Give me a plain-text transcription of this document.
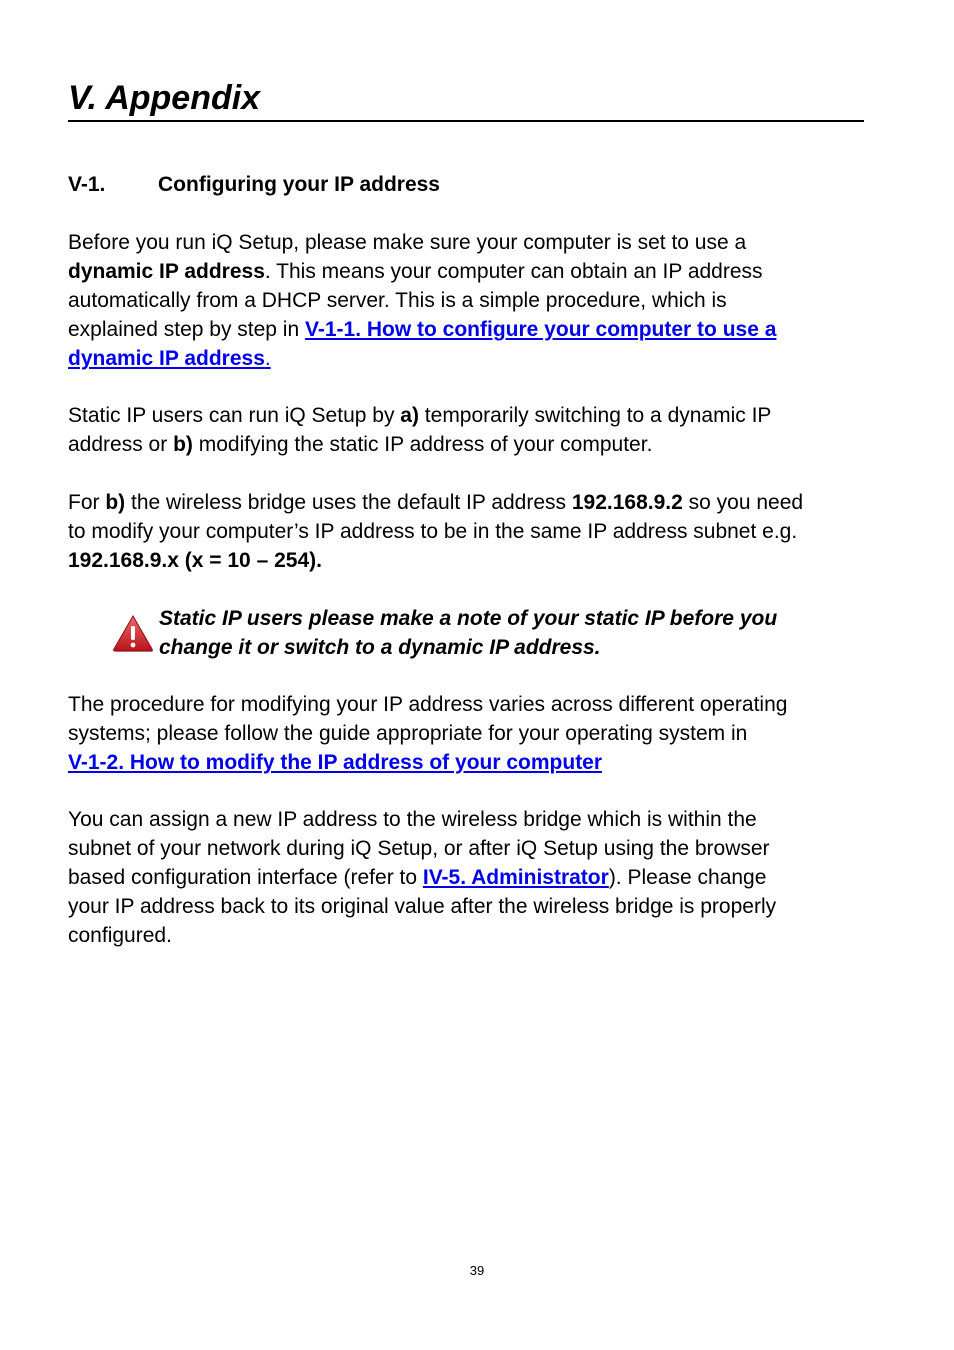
V. Appendix
V-1.	Configuring your IP address
Before you run iQ Setup, please make sure your computer is set to use a
dynamic IP address. This means your computer can obtain an IP address
automatically from a DHCP server. This is a simple procedure, which is
explained step by step in V-1-1. How to configure your computer to use a
dynamic IP address.
Static IP users can run iQ Setup by a) temporarily switching to a dynamic IP
address or b) modifying the static IP address of your computer.
For b) the wireless bridge uses the default IP address 192.168.9.2 so you need
to modify your computer’s IP address to be in the same IP address subnet e.g.
192.168.9.x (x = 10 – 254).
Static IP users please make a note of your static IP before you
change it or switch to a dynamic IP address.
The procedure for modifying your IP address varies across different operating
systems; please follow the guide appropriate for your operating system in
V-1-2. How to modify the IP address of your computer
You can assign a new IP address to the wireless bridge which is within the
subnet of your network during iQ Setup, or after iQ Setup using the browser
based configuration interface (refer to IV-5. Administrator). Please change
your IP address back to its original value after the wireless bridge is properly
configured.
39
